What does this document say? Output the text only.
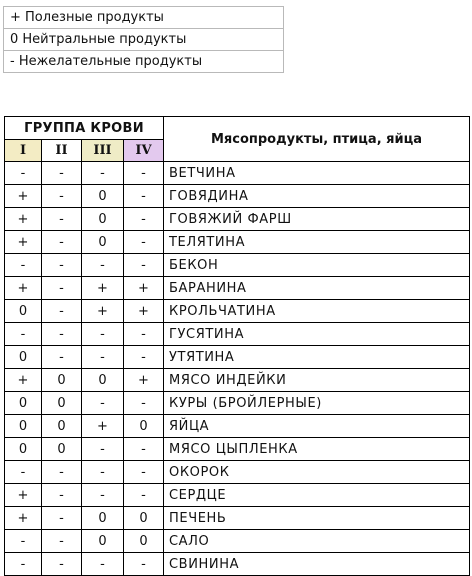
+ Полезные продукты
0 Нейтральные продукты
- Нежелательные продукты
ГРУППА КРОВИ				Мясопродукты, птица, яйца
I	II	III	IV	
-	-	-	-	ВЕТЧИНА
+	-	0	-	ГОВЯДИНА
+	-	0	-	ГОВЯЖИЙ ФАРШ
+	-	0	-	ТЕЛЯТИНА
-	-	-	-	БЕКОН
+	-	+	+	БАРАНИНА
0	-	+	+	КРОЛЬЧАТИНА
-	-	-	-	ГУСЯТИНА
0	-	-	-	УТЯТИНА
+	0	0	+	МЯСО ИНДЕЙКИ
0	0	-	-	КУРЫ (БРОЙЛЕРНЫЕ)
0	0	+	0	ЯЙЦА
0	0	-	-	МЯСО ЦЫПЛЕНКА
-	-	-	-	ОКОРОК
+	-	-	-	СЕРДЦЕ
+	-	0	0	ПЕЧЕНЬ
-	-	0	0	САЛО
-	-	-	-	СВИНИНА
